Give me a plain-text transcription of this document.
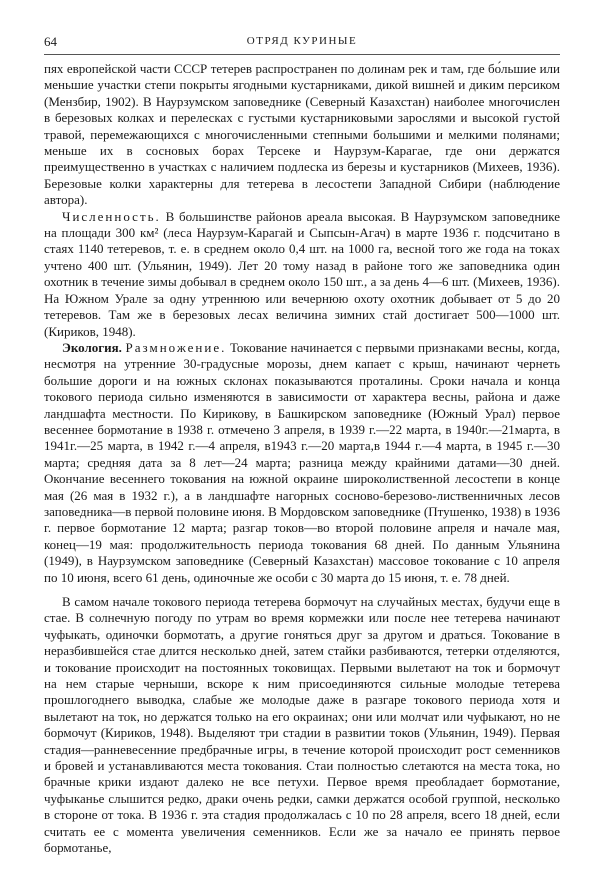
64	ОТРЯД КУРИНЫЕ

пях европейской части СССР тетерев распространен по долинам рек и там, где бо́льшие или меньшие участки степи покрыты ягодными кустарниками, дикой вишней и диким персиком (Мензбир, 1902). В Наурзумском заповеднике (Северный Казахстан) наиболее многочислен в березовых колках и перелесках с густыми кустарниковыми зарослями и высокой густой травой, перемежающихся с многочисленными степными большими и мелкими полянами; меньше их в сосновых борах Терсеке и Наурзум-Карагае, где они держатся преимущественно в участках с наличием подлеска из березы и кустарников (Михеев, 1936). Березовые колки характерны для тетерева в лесостепи Западной Сибири (наблюдение автора).

Численность. В большинстве районов ареала высокая. В Наурзумском заповеднике на площади 300 км² (леса Наурзум-Карагай и Сыпсын-Агач) в марте 1936 г. подсчитано в стаях 1140 тетеревов, т. е. в среднем около 0,4 шт. на 1000 га, весной того же года на токах учтено 400 шт. (Ульянин, 1949). Лет 20 тому назад в районе того же заповедника один охотник в течение зимы добывал в среднем около 150 шт., а за день 4—6 шт. (Михеев, 1936). На Южном Урале за одну утреннюю или вечернюю охоту охотник добывает от 5 до 20 тетеревов. Там же в березовых лесах величина зимних стай достигает 500—1000 шт. (Кириков, 1948).

Экология. Размножение. Токование начинается с первыми признаками весны, когда, несмотря на утренние 30-градусные морозы, днем капает с крыш, начинают чернеть большие дороги и на южных склонах показываются проталины. Сроки начала и конца токового периода сильно изменяются в зависимости от характера весны, района и даже ландшафта местности. По Кирикову, в Башкирском заповеднике (Южный Урал) первое весеннее бормотание в 1938 г. отмечено 3 апреля, в 1939 г.—22 марта, в 1940г.—21марта, в 1941г.—25 марта, в 1942 г.—4 апреля, в1943 г.—20 марта,в 1944 г.—4 марта, в 1945 г.—30 марта; средняя дата за 8 лет—24 марта; разница между крайними датами—30 дней. Окончание весеннего токования на южной окраине широколиственной лесостепи в конце мая (26 мая в 1932 г.), а в ландшафте нагорных сосново-березово-лиственничных лесов заповедника—в первой половине июня. В Мордовском заповеднике (Птушенко, 1938) в 1936 г. первое бормотание 12 марта; разгар токов—во второй половине апреля и начале мая, конец—19 мая: продолжительность периода токования 68 дней. По данным Ульянина (1949), в Наурзумском заповеднике (Северный Казахстан) массовое токование с 10 апреля по 10 июня, всего 61 день, одиночные же особи с 30 марта до 15 июня, т. е. 78 дней.

В самом начале токового периода тетерева бормочут на случайных местах, будучи еще в стае. В солнечную погоду по утрам во время кормежки или после нее тетерева начинают чуфыкать, одиночки бормотать, а другие гоняться друг за другом и драться. Токование в неразбившейся стае длится несколько дней, затем стайки разбиваются, тетерки отделяются, и токование происходит на постоянных токовищах. Первыми вылетают на ток и бормочут на нем старые черныши, вскоре к ним присоединяются сильные молодые тетерева прошлогоднего выводка, слабые же молодые даже в разгаре токового периода хотя и вылетают на ток, но держатся только на его окраинах; они или молчат или чуфыкают, но не бормочут (Кириков, 1948). Выделяют три стадии в развитии токов (Ульянин, 1949). Первая стадия—ранневесенние предбрачные игры, в течение которой происходит рост семенников и бровей и устанавливаются места токования. Стаи полностью слетаются на места тока, но брачные крики издают далеко не все петухи. Первое время преобладает бормотание, чуфыканье слышится редко, драки очень редки, самки держатся особой группой, несколько в стороне от тока. В 1936 г. эта стадия продолжалась с 10 по 28 апреля, всего 18 дней, если считать ее с момента увеличения семенников. Если же за начало ее принять первое бормотанье,
